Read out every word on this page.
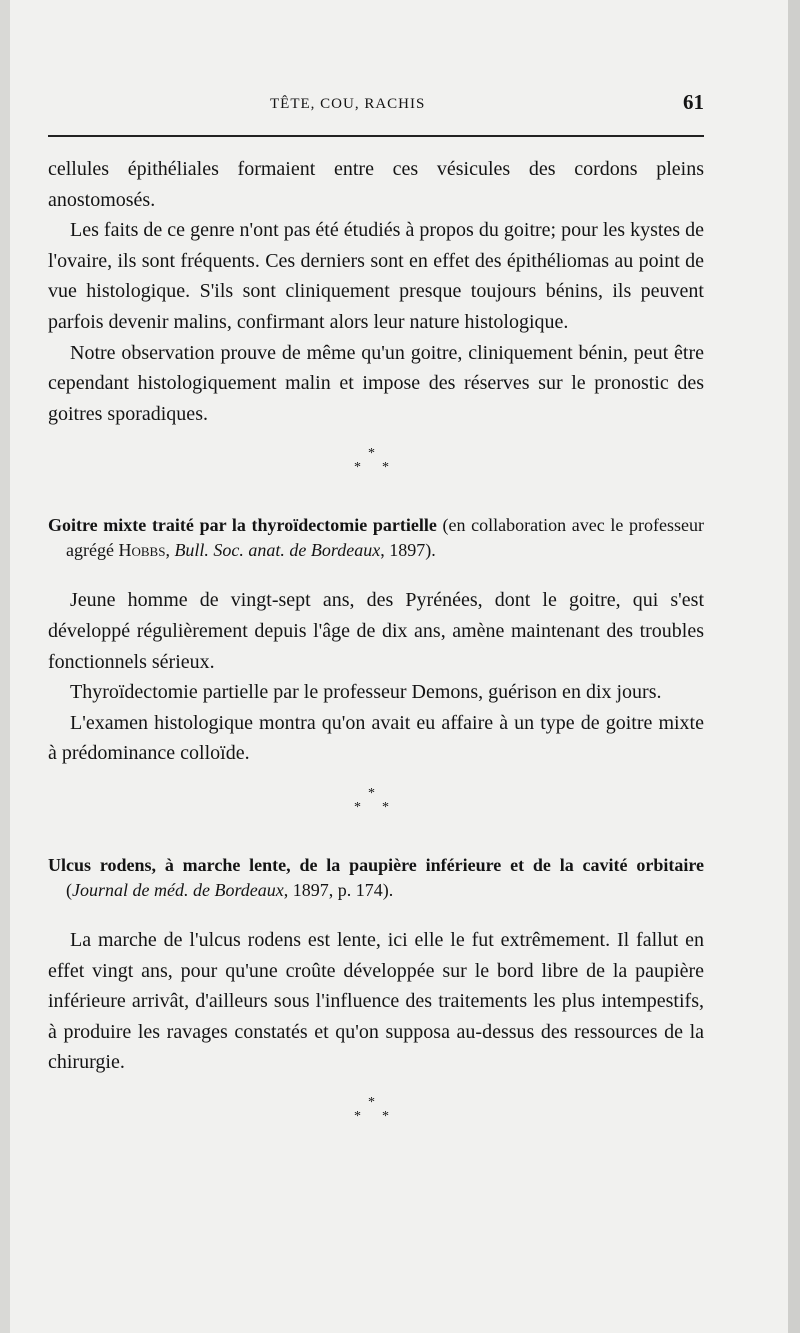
TÊTE, COU, RACHIS	61

cellules épithéliales formaient entre ces vésicules des cordons pleins anostomosés.

Les faits de ce genre n'ont pas été étudiés à propos du goitre; pour les kystes de l'ovaire, ils sont fréquents. Ces derniers sont en effet des épithéliomas au point de vue histologique. S'ils sont cliniquement presque toujours bénins, ils peuvent parfois devenir malins, confirmant alors leur nature histologique.

Notre observation prouve de même qu'un goitre, cliniquement bénin, peut être cependant histologiquement malin et impose des réserves sur le pronostic des goitres sporadiques.

*
* *

Goitre mixte traité par la thyroïdectomie partielle (en collaboration avec le professeur agrégé Hobbs, Bull. Soc. anat. de Bordeaux, 1897).

Jeune homme de vingt-sept ans, des Pyrénées, dont le goitre, qui s'est développé régulièrement depuis l'âge de dix ans, amène maintenant des troubles fonctionnels sérieux.

Thyroïdectomie partielle par le professeur Demons, guérison en dix jours.

L'examen histologique montra qu'on avait eu affaire à un type de goitre mixte à prédominance colloïde.

*
* *

Ulcus rodens, à marche lente, de la paupière inférieure et de la cavité orbitaire (Journal de méd. de Bordeaux, 1897, p. 174).

La marche de l'ulcus rodens est lente, ici elle le fut extrêmement. Il fallut en effet vingt ans, pour qu'une croûte développée sur le bord libre de la paupière inférieure arrivât, d'ailleurs sous l'influence des traitements les plus intempestifs, à produire les ravages constatés et qu'on supposa au-dessus des ressources de la chirurgie.

*
* *
